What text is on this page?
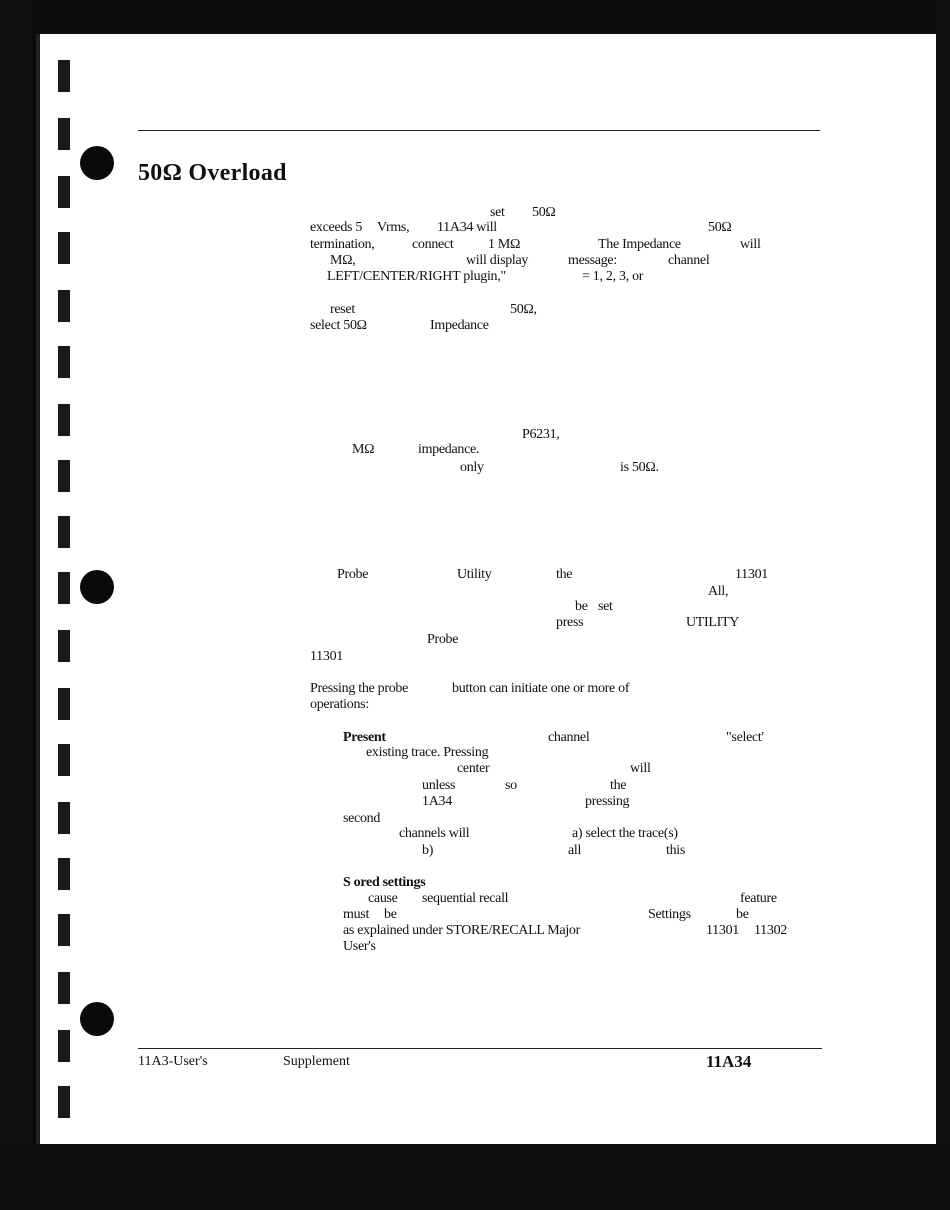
50Ω Overload
set 50Ω
exceeds 5 Vrms, 11A34 will	50Ω
termination,	connect 1 MΩ	The Impedance	will
MΩ,	will display	message:	channel
LEFT/CENTER/RIGHT plugin,"	= 1, 2, 3, or
reset	50Ω,
select 50Ω	Impedance
P6231,
MΩ	impedance.
only	is 50Ω.
Probe	Utility	the	11301
All,
be set
press	UTILITY
Probe
11301
Pressing the probe	button can initiate one or more of
operations:
Present	channel	"select'
existing trace. Pressing
center	will
unless	so	the
1A34	pressing
second
channels will	a) select the trace(s)
b)	all	this
S ored settings
cause sequential recall	feature
must be	Settings	be
as explained under STORE/RECALL Major	11301 11302
User's
11A3-User's	Supplement	11A34
